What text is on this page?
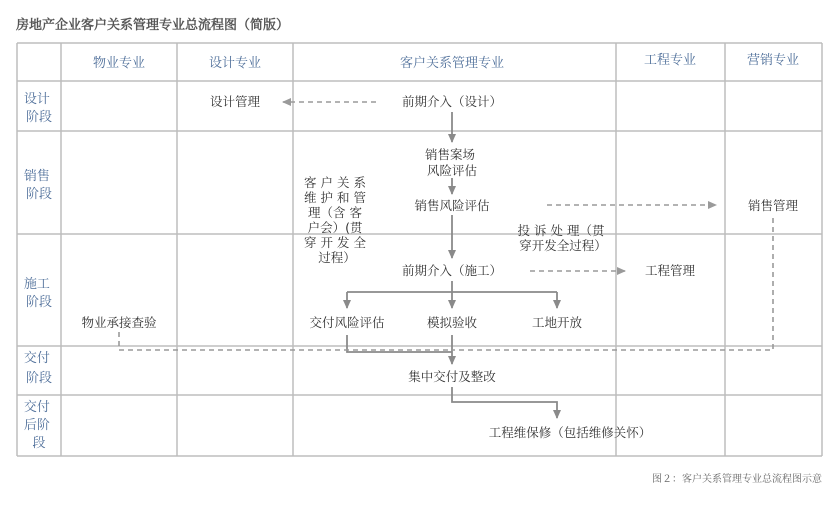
房地产企业客户关系管理专业总流程图（简版）
物业专业	设计专业	客户关系管理专业	工程专业	营销专业
设计 阶段
销售 阶段
施工 阶段
交付 阶段
交付 后阶 段
设计管理	前期介入（设计）
销售案场 风险评估
销售风险评估	销售管理
客 户 关 系 维 护 和 管 理（含 客 户会）(贯 穿 开 发 全 过程）
投 诉 处 理（贯 穿开发全过程）
前期介入（施工）	工程管理
物业承接查验	交付风险评估	模拟验收	工地开放
集中交付及整改
工程维保修（包括维修关怀）
图２：客户关系管理专业总流程图示意
